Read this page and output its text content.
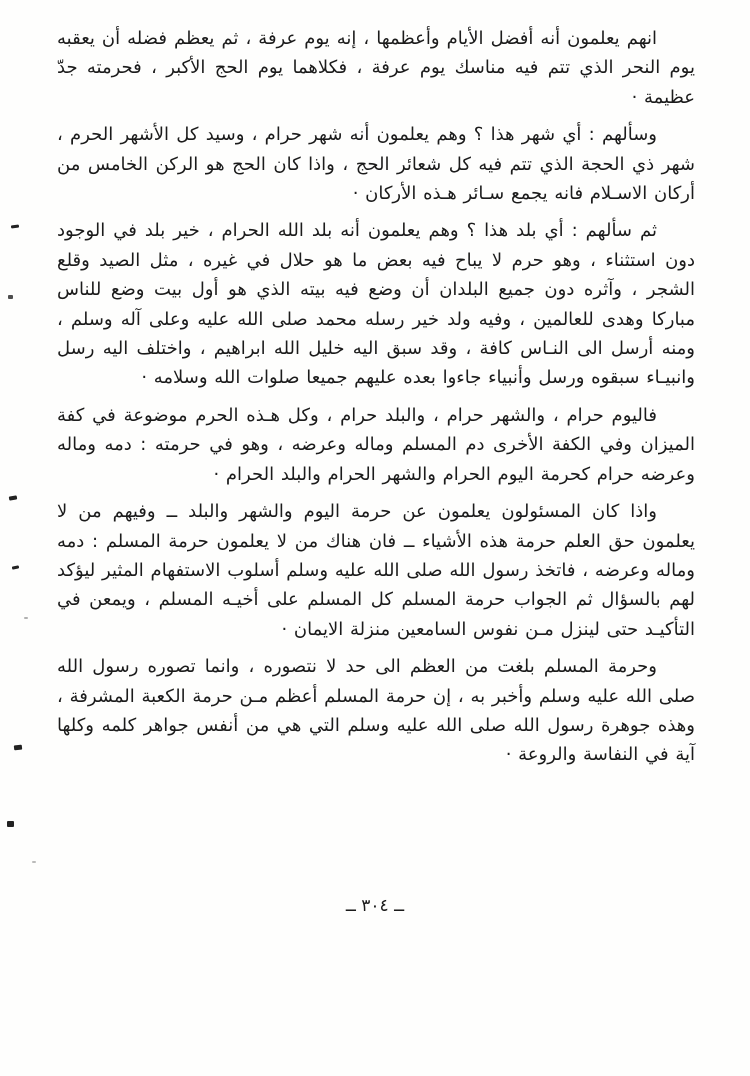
انهم يعلمون أنه أفضل الأيام وأعظمها ، إنه يوم عرفة ، ثم يعظم فضله أن يعقبه يوم النحر الذي تتم فيه مناسك يوم عرفة ، فكلاهما يوم الحج الأكبر ، فحرمته جدّ عظيمة ·

وسألهم : أي شهر هذا ؟ وهم يعلمون أنه شهر حرام ، وسيد كل الأشهر الحرم ، شهر ذي الحجة الذي تتم فيه كل شعائر الحج ، واذا كان الحج هو الركن الخامس من أركان الاسـلام فانه يجمع سـائر هـذه الأركان ·

ثم سألهم : أي بلد هذا ؟ وهم يعلمون أنه بلد الله الحرام ، خير بلد في الوجود دون استثناء ، وهو حرم لا يباح فيه بعض ما هو حلال في غيره ، مثل الصيد وقلع الشجر ، وآثره دون جميع البلدان أن وضع فيه بيته الذي هو أول بيت وضع للناس مباركا وهدى للعالمين ، وفيه ولد خير رسله محمد صلى الله عليه وعلى آله وسلم ، ومنه أرسل الى النـاس كافة ، وقد سبق اليه خليل الله ابراهيم ، واختلف اليه رسل وانبيـاء سبقوه ورسل وأنبياء جاءوا بعده عليهم جميعا صلوات الله وسلامه ·

فاليوم حرام ، والشهر حرام ، والبلد حرام ، وكل هـذه الحرم موضوعة في كفة الميزان وفي الكفة الأخرى دم المسلم وماله وعرضه ، وهو في حرمته : دمه وماله وعرضه حرام كحرمة اليوم الحرام والشهر الحرام والبلد الحرام ·

واذا كان المسئولون يعلمون عن حرمة اليوم والشهر والبلد ــ وفيهم من لا يعلمون حق العلم حرمة هذه الأشياء ــ فان هناك من لا يعلمون حرمة المسلم : دمه وماله وعرضه ، فاتخذ رسول الله صلى الله عليه وسلم أسلوب الاستفهام المثير ليؤكد لهم بالسؤال ثم الجواب حرمة المسلم كل المسلم على أخيـه المسلم ، ويمعن في التأكيـد حتى لينزل مـن نفوس السامعين منزلة الايمان ·

وحرمة المسلم بلغت من العظم الى حد لا نتصوره ، وانما تصوره رسول الله صلى الله عليه وسلم وأخبر به ، إن حرمة المسلم أعظم مـن حرمة الكعبة المشرفة ، وهذه جوهرة رسول الله صلى الله عليه وسلم التي هي من أنفس جواهر كلمه وكلها آية في النفاسة والروعة ·

ــ ٣٠٤ ــ
